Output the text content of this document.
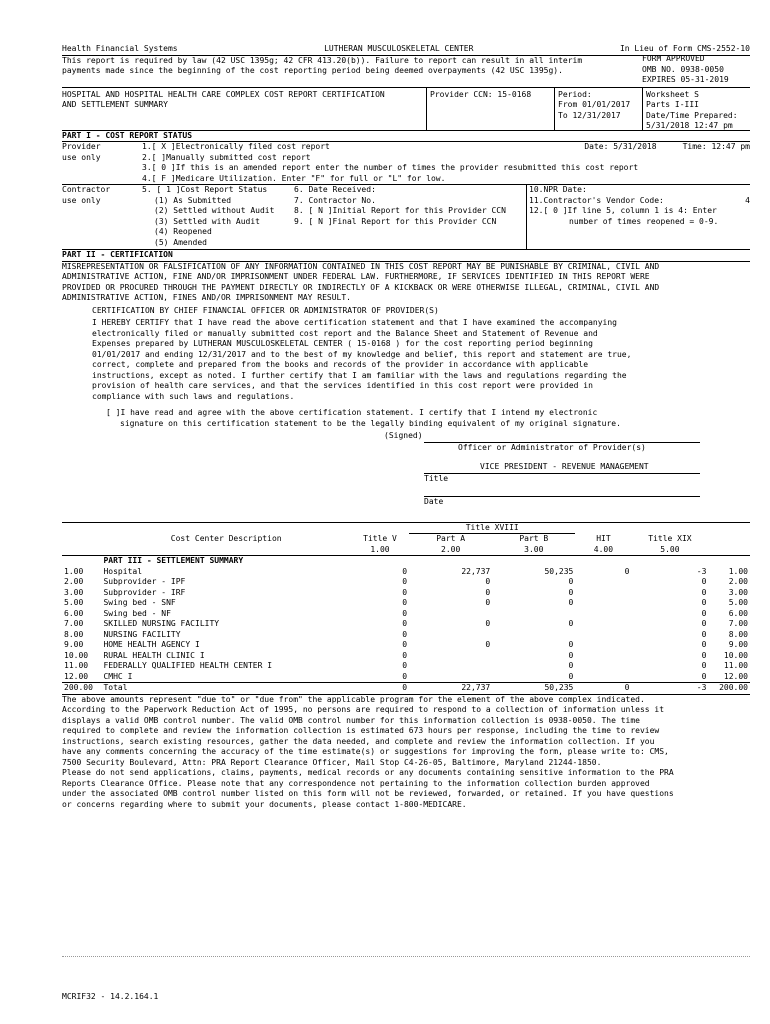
Health Financial Systems	LUTHERAN MUSCULOSKELETAL CENTER	In Lieu of Form CMS-2552-10
This report is required by law (42 USC 1395g; 42 CFR 413.20(b)). Failure to report can result in all interim
payments made since the beginning of the cost reporting period being deemed overpayments (42 USC 1395g).
FORM APPROVED
OMB NO. 0938-0050
EXPIRES 05-31-2019
HOSPITAL AND HOSPITAL HEALTH CARE COMPLEX COST REPORT CERTIFICATION
AND SETTLEMENT SUMMARY
Provider CCN: 15-0168	Period:
From 01/01/2017
To 12/31/2017
Worksheet S
Parts I-III
Date/Time Prepared:
5/31/2018 12:47 pm
PART I - COST REPORT STATUS
Provider
use only
1.[ X ]Electronically filed cost report	Date: 5/31/2018	Time: 12:47 pm
2.[ ]Manually submitted cost report
3.[ 0 ]If this is an amended report enter the number of times the provider resubmitted this cost report
4.[ F ]Medicare Utilization. Enter "F" for full or "L" for low.
Contractor
use only
5. [ 1 ]Cost Report Status
(1) As Submitted
(2) Settled without Audit
(3) Settled with Audit
(4) Reopened
(5) Amended
6. Date Received:
7. Contractor No.
8. [ N ]Initial Report for this Provider CCN
9. [ N ]Final Report for this Provider CCN
10.NPR Date:
11.Contractor's Vendor Code:	4
12.[ 0 ]If line 5, column 1 is 4: Enter
number of times reopened = 0-9.
PART II - CERTIFICATION
MISREPRESENTATION OR FALSIFICATION OF ANY INFORMATION CONTAINED IN THIS COST REPORT MAY BE PUNISHABLE BY CRIMINAL, CIVIL AND
ADMINISTRATIVE ACTION, FINE AND/OR IMPRISONMENT UNDER FEDERAL LAW. FURTHERMORE, IF SERVICES IDENTIFIED IN THIS REPORT WERE
PROVIDED OR PROCURED THROUGH THE PAYMENT DIRECTLY OR INDIRECTLY OF A KICKBACK OR WERE OTHERWISE ILLEGAL, CRIMINAL, CIVIL AND
ADMINISTRATIVE ACTION, FINES AND/OR IMPRISONMENT MAY RESULT.
CERTIFICATION BY CHIEF FINANCIAL OFFICER OR ADMINISTRATOR OF PROVIDER(S)
I HEREBY CERTIFY that I have read the above certification statement and that I have examined the accompanying
electronically filed or manually submitted cost report and the Balance Sheet and Statement of Revenue and
Expenses prepared by LUTHERAN MUSCULOSKELETAL CENTER ( 15-0168 ) for the cost reporting period beginning
01/01/2017 and ending 12/31/2017 and to the best of my knowledge and belief, this report and statement are true,
correct, complete and prepared from the books and records of the provider in accordance with applicable
instructions, except as noted. I further certify that I am familiar with the laws and regulations regarding the
provision of health care services, and that the services identified in this cost report were provided in
compliance with such laws and regulations.
[ ]I have read and agree with the above certification statement. I certify that I intend my electronic
signature on this certification statement to be the legally binding equivalent of my original signature.
(Signed)
Officer or Administrator of Provider(s)
VICE PRESIDENT - REVENUE MANAGEMENT
Title
Date
			Title XVIII				
	Cost Center Description	Title V	Part A	Part B	HIT	Title XIX	
		1.00	2.00	3.00	4.00	5.00	
	PART III - SETTLEMENT SUMMARY						
1.00	Hospital	0	22,737	50,235	0	-3	1.00
2.00	Subprovider - IPF	0	0	0		0	2.00
3.00	Subprovider - IRF	0	0	0		0	3.00
5.00	Swing bed - SNF	0	0	0		0	5.00
6.00	Swing bed - NF	0				0	6.00
7.00	SKILLED NURSING FACILITY	0	0	0		0	7.00
8.00	NURSING FACILITY	0				0	8.00
9.00	HOME HEALTH AGENCY I	0	0	0		0	9.00
10.00	RURAL HEALTH CLINIC I	0		0		0	10.00
11.00	FEDERALLY QUALIFIED HEALTH CENTER I	0		0		0	11.00
12.00	CMHC I	0		0		0	12.00
200.00	Total	0	22,737	50,235	0	-3	200.00
The above amounts represent "due to" or "due from" the applicable program for the element of the above complex indicated.
According to the Paperwork Reduction Act of 1995, no persons are required to respond to a collection of information unless it
displays a valid OMB control number. The valid OMB control number for this information collection is 0938-0050. The time
required to complete and review the information collection is estimated 673 hours per response, including the time to review
instructions, search existing resources, gather the data needed, and complete and review the information collection. If you
have any comments concerning the accuracy of the time estimate(s) or suggestions for improving the form, please write to: CMS,
7500 Security Boulevard, Attn: PRA Report Clearance Officer, Mail Stop C4-26-05, Baltimore, Maryland 21244-1850.
Please do not send applications, claims, payments, medical records or any documents containing sensitive information to the PRA
Reports Clearance Office. Please note that any correspondence not pertaining to the information collection burden approved
under the associated OMB control number listed on this form will not be reviewed, forwarded, or retained. If you have questions
or concerns regarding where to submit your documents, please contact 1-800-MEDICARE.
MCRIF32 - 14.2.164.1
